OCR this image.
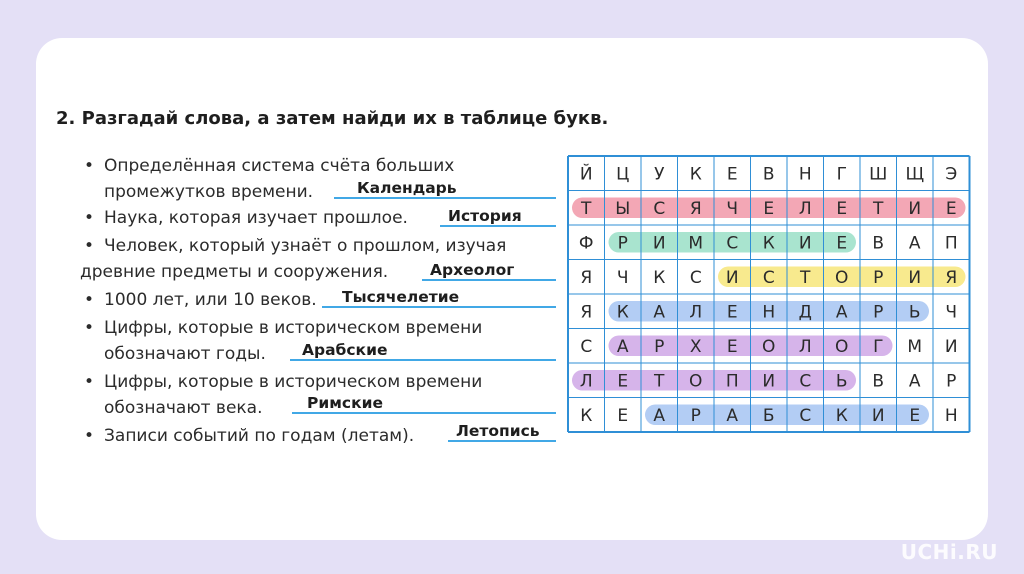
2. Разгадай слова, а затем найди их в таблице букв.
• Определённая система счёта больших

промежутков времени.	Календарь
• Наука, которая изучает прошлое.	История
• Человек, который узнаёт о прошлом, изучая

древние предметы и сооружения.	Археолог
• 1000 лет, или 10 веков. Тысячелетие
• Цифры, которые в историческом времени

обозначают годы. Арабские
• Цифры, которые в историческом времени

обозначают века.	Римские
• Записи событий по годам (летам).	Летопись
Й Ц У К Е В Н Г Ш Щ Э
Т Ы С Я Ч Е Л Е Т И Е
Ф Р И М С К И Е В А П
Я Ч К С И С Т О Р И Я
Я К А Л Е Н Д А Р Ь Ч
С А Р Х Е О Л О Г М И
Л Е Т О П И С Ь В А Р
К Е А Р А Б С К И Е Н
UCHi.RU
